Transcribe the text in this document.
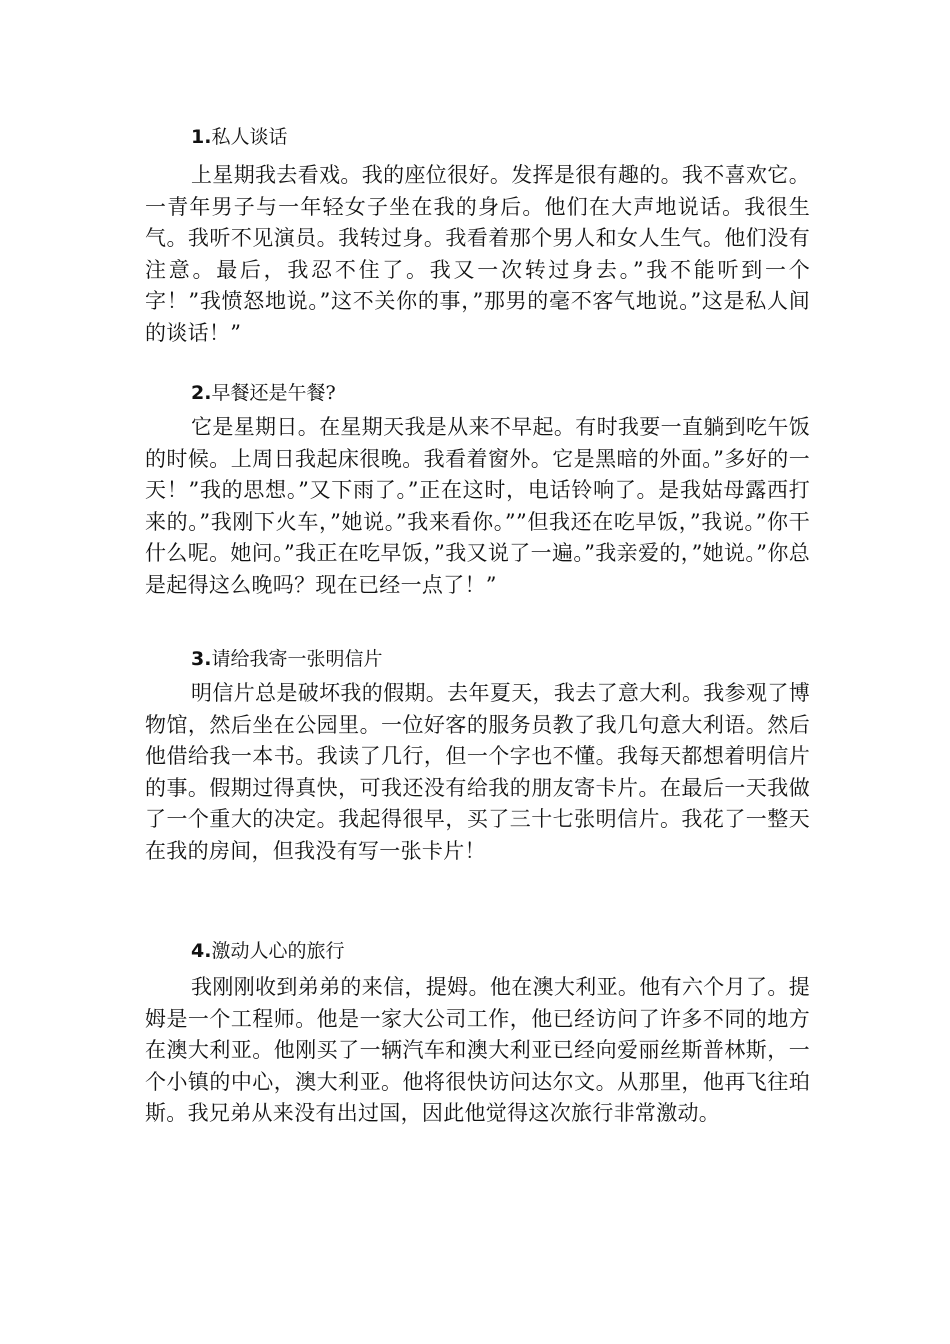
1.私人谈话

上星期我去看戏。我的座位很好。发挥是很有趣的。我不喜欢它。一青年男子与一年轻女子坐在我的身后。他们在大声地说话。我很生气。我听不见演员。我转过身。我看着那个男人和女人生气。他们没有注意。最后，我忍不住了。我又一次转过身去。”我不能听到一个字！”我愤怒地说。”这不关你的事，”那男的毫不客气地说。”这是私人间的谈话！”

2.早餐还是午餐?

它是星期日。在星期天我是从来不早起。有时我要一直躺到吃午饭的时候。上周日我起床很晚。我看着窗外。它是黑暗的外面。”多好的一天！”我的思想。”又下雨了。”正在这时，电话铃响了。是我姑母露西打来的。”我刚下火车，”她说。”我来看你。””但我还在吃早饭，”我说。”你干什么呢。她问。”我正在吃早饭，”我又说了一遍。”我亲爱的，”她说。”你总是起得这么晚吗？现在已经一点了！”

3.请给我寄一张明信片

明信片总是破坏我的假期。去年夏天，我去了意大利。我参观了博物馆，然后坐在公园里。一位好客的服务员教了我几句意大利语。然后他借给我一本书。我读了几行，但一个字也不懂。我每天都想着明信片的事。假期过得真快，可我还没有给我的朋友寄卡片。在最后一天我做了一个重大的决定。我起得很早，买了三十七张明信片。我花了一整天在我的房间，但我没有写一张卡片！

4.激动人心的旅行

我刚刚收到弟弟的来信，提姆。他在澳大利亚。他有六个月了。提姆是一个工程师。他是一家大公司工作，他已经访问了许多不同的地方在澳大利亚。他刚买了一辆汽车和澳大利亚已经向爱丽丝斯普林斯，一个小镇的中心，澳大利亚。他将很快访问达尔文。从那里，他再飞往珀斯。我兄弟从来没有出过国，因此他觉得这次旅行非常激动。
